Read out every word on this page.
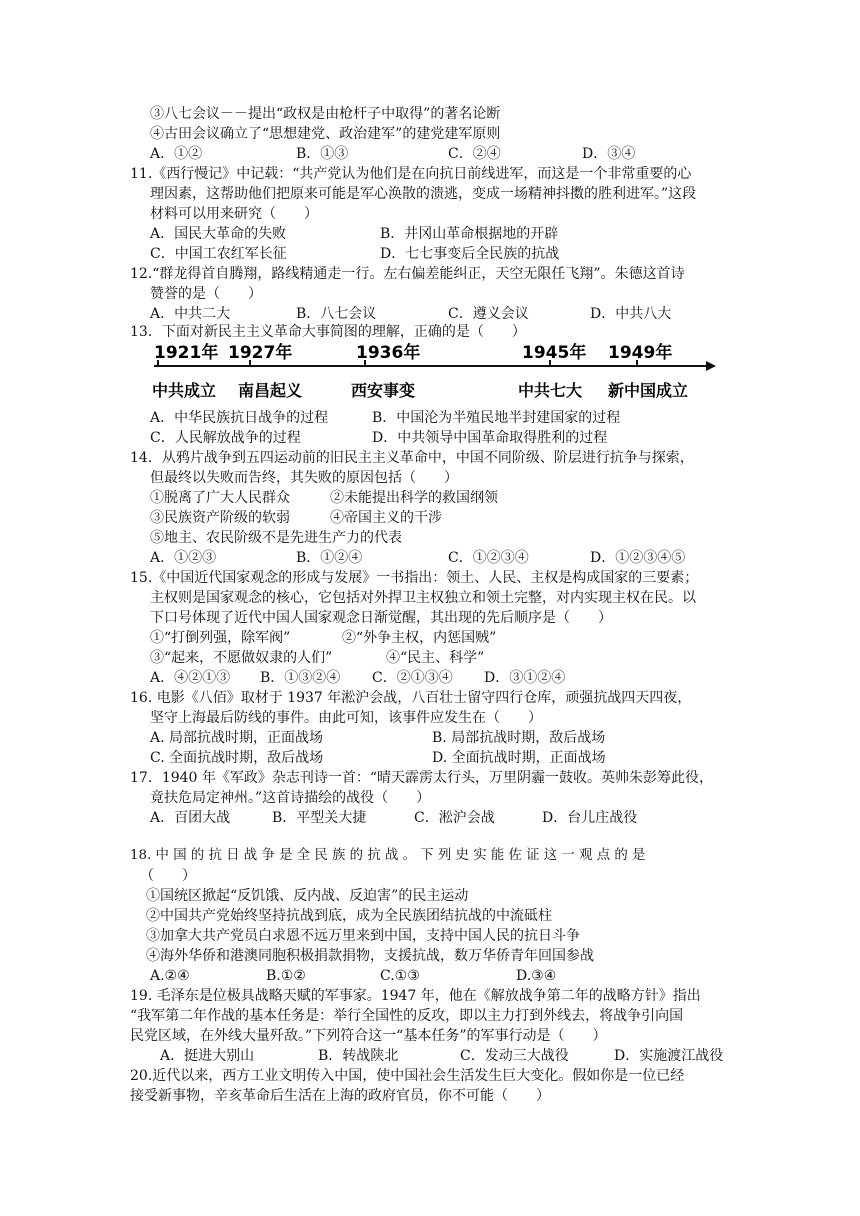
③八七会议－－提出“政权是由枪杆子中取得”的著名论断
④古田会议确立了“思想建党、政治建军”的建党建军原则
A．①②	B．①③	C．②④	D．③④
11.《西行慢记》中记载：“共产党认为他们是在向抗日前线进军，而这是一个非常重要的心
理因素，这帮助他们把原来可能是军心涣散的溃逃，变成一场精神抖擞的胜利进军。”这段
材料可以用来研究（　　）
A．国民大革命的失败	B．井冈山革命根据地的开辟
C．中国工农红军长征	D．七七事变后全民族的抗战
12.“群龙得首自腾翔，路线精通走一行。左右偏差能纠正，天空无限任飞翔”。朱德这首诗
赞誉的是（　　）
A．中共二大	B．八七会议	C．遵义会议	D．中共八大
13．下面对新民主主义革命大事简图的理解，正确的是（　　）
1921年 1927年	1936年	1945年 1949年
中共成立 南昌起义	西安事变	中共七大 新中国成立
A．中华民族抗日战争的过程	B．中国沦为半殖民地半封建国家的过程
C．人民解放战争的过程	D．中共领导中国革命取得胜利的过程
14．从鸦片战争到五四运动前的旧民主主义革命中，中国不同阶级、阶层进行抗争与探索，
但最终以失败而告终，其失败的原因包括（　　）
①脱离了广大人民群众	②未能提出科学的救国纲领
③民族资产阶级的软弱	④帝国主义的干涉
⑤地主、农民阶级不是先进生产力的代表
A．①②③	B．①②④	C．①②③④	D．①②③④⑤
15.《中国近代国家观念的形成与发展》一书指出：领土、人民、主权是构成国家的三要素；
主权则是国家观念的核心，它包括对外捍卫主权独立和领土完整，对内实现主权在民。以
下口号体现了近代中国人国家观念日渐觉醒，其出现的先后顺序是（　　）
①“打倒列强，除军阀”	②“外争主权，内惩国贼”
③“起来，不愿做奴隶的人们”	④“民主、科学”
A．④②①③ B．①③②④ C．②①③④ D．③①②④
16. 电影《八佰》取材于 1937 年淞沪会战，八百壮士留守四行仓库，顽强抗战四天四夜，
坚守上海最后防线的事件。由此可知，该事件应发生在（　　）
A. 局部抗战时期，正面战场	B. 局部抗战时期，敌后战场
C. 全面抗战时期，敌后战场	D. 全面抗战时期，正面战场
17．1940 年《军政》杂志刊诗一首：“晴天霹雳太行头，万里阴霾一鼓收。英帅朱彭筹此役，
竟扶危局定神州。”这首诗描绘的战役（　　）
A．百团大战	B．平型关大捷	C．淞沪会战	D．台儿庄战役
18. 中 国 的 抗 日 战 争 是 全 民 族 的 抗 战 。 下 列 史 实 能 佐 证 这 一 观 点 的 是
（　　）
①国统区掀起“反饥饿、反内战、反迫害”的民主运动
②中国共产党始终坚持抗战到底，成为全民族团结抗战的中流砥柱
③加拿大共产党员白求恩不远万里来到中国，支持中国人民的抗日斗争
④海外华侨和港澳同胞积极捐款捐物，支援抗战，数万华侨青年回国参战
A.②④	B.①②	C.①③	D.③④
19. 毛泽东是位极具战略天赋的军事家。1947 年，他在《解放战争第二年的战略方针》指出
“我军第二年作战的基本任务是：举行全国性的反攻，即以主力打到外线去，将战争引向国
民党区域，在外线大量歼敌。”下列符合这一“基本任务”的军事行动是（　　）
A．挺进大别山	B．转战陕北	C．发动三大战役	D．实施渡江战役
20.近代以来，西方工业文明传入中国，使中国社会生活发生巨大变化。假如你是一位已经
接受新事物，辛亥革命后生活在上海的政府官员，你不可能（　　）
